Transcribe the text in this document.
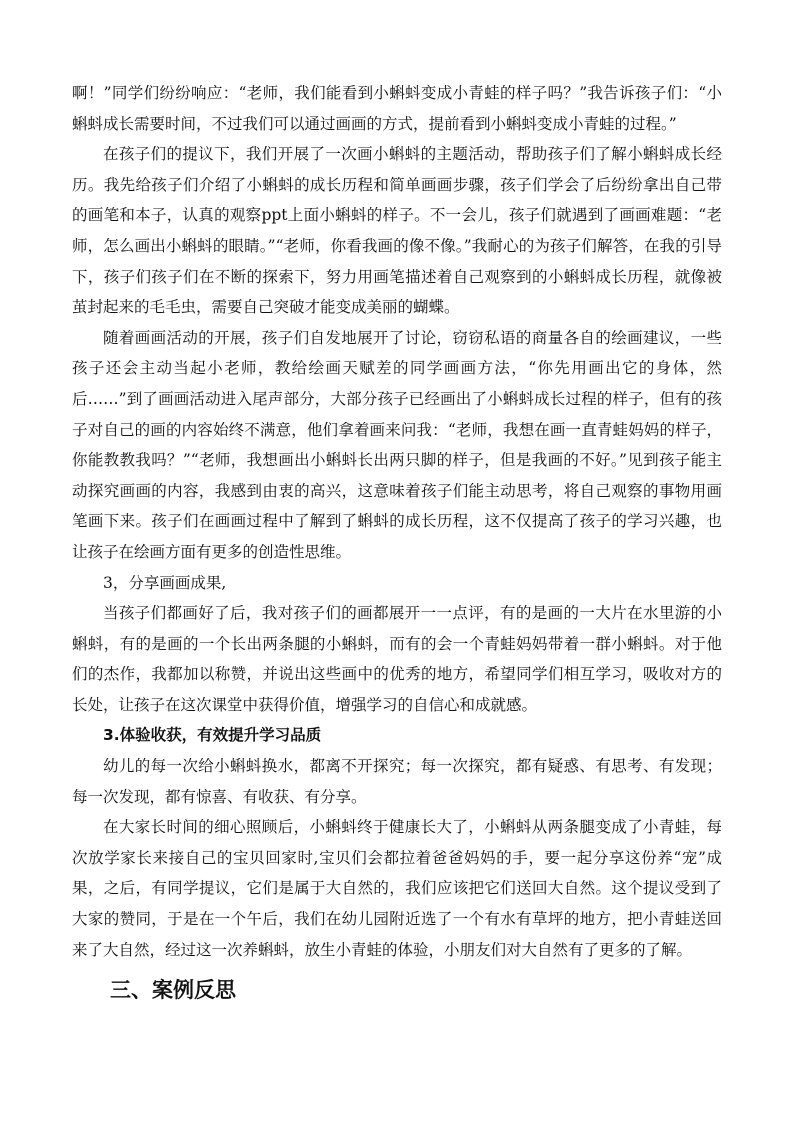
啊！”同学们纷纷响应：“老师，我们能看到小蝌蚪变成小青蛙的样子吗？”我告诉孩子们：“小蝌蚪成长需要时间，不过我们可以通过画画的方式，提前看到小蝌蚪变成小青蛙的过程。”

在孩子们的提议下，我们开展了一次画小蝌蚪的主题活动，帮助孩子们了解小蝌蚪成长经历。我先给孩子们介绍了小蝌蚪的成长历程和简单画画步骤，孩子们学会了后纷纷拿出自己带的画笔和本子，认真的观察ppt上面小蝌蚪的样子。不一会儿，孩子们就遇到了画画难题：“老师，怎么画出小蝌蚪的眼睛。”“老师，你看我画的像不像。”我耐心的为孩子们解答，在我的引导下，孩子们孩子们在不断的探索下，努力用画笔描述着自己观察到的小蝌蚪成长历程，就像被茧封起来的毛毛虫，需要自己突破才能变成美丽的蝴蝶。

随着画画活动的开展，孩子们自发地展开了讨论，窃窃私语的商量各自的绘画建议，一些孩子还会主动当起小老师，教给绘画天赋差的同学画画方法，“你先用画出它的身体，然后……”到了画画活动进入尾声部分，大部分孩子已经画出了小蝌蚪成长过程的样子，但有的孩子对自己的画的内容始终不满意，他们拿着画来问我：“老师，我想在画一直青蛙妈妈的样子，你能教教我吗？”“老师，我想画出小蝌蚪长出两只脚的样子，但是我画的不好。”见到孩子能主动探究画画的内容，我感到由衷的高兴，这意味着孩子们能主动思考，将自己观察的事物用画笔画下来。孩子们在画画过程中了解到了蝌蚪的成长历程，这不仅提高了孩子的学习兴趣，也让孩子在绘画方面有更多的创造性思维。

3，分享画画成果,

当孩子们都画好了后，我对孩子们的画都展开一一点评，有的是画的一大片在水里游的小蝌蚪，有的是画的一个长出两条腿的小蝌蚪，而有的会一个青蛙妈妈带着一群小蝌蚪。对于他们的杰作，我都加以称赞，并说出这些画中的优秀的地方，希望同学们相互学习，吸收对方的长处，让孩子在这次课堂中获得价值，增强学习的自信心和成就感。

3.体验收获，有效提升学习品质

幼儿的每一次给小蝌蚪换水，都离不开探究；每一次探究，都有疑惑、有思考、有发现；每一次发现，都有惊喜、有收获、有分享。

在大家长时间的细心照顾后，小蝌蚪终于健康长大了，小蝌蚪从两条腿变成了小青蛙，每次放学家长来接自己的宝贝回家时,宝贝们会都拉着爸爸妈妈的手，要一起分享这份养“宠”成果，之后，有同学提议，它们是属于大自然的，我们应该把它们送回大自然。这个提议受到了大家的赞同，于是在一个午后，我们在幼儿园附近选了一个有水有草坪的地方，把小青蛙送回来了大自然，经过这一次养蝌蚪，放生小青蛙的体验，小朋友们对大自然有了更多的了解。

三、案例反思
